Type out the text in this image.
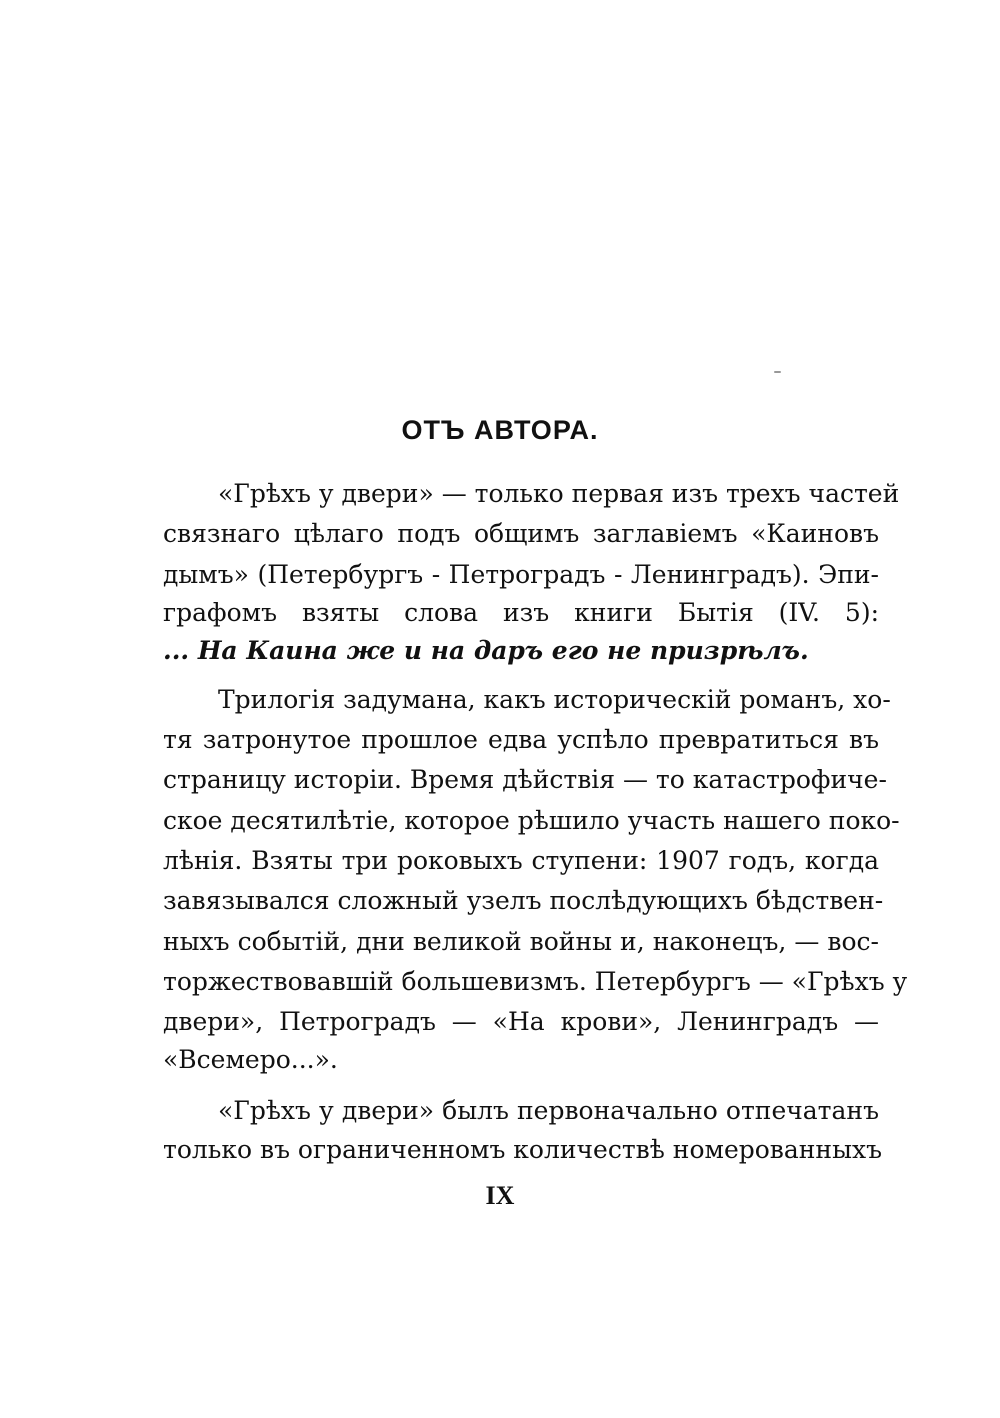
ОТЪ АВТОРА.
«Грѣхъ у двери» — только первая изъ трехъ частей
связнаго цѣлаго подъ общимъ заглавіемъ «Каиновъ
дымъ» (Петербургъ - Петроградъ - Ленинградъ). Эпи-
графомъ взяты слова изъ книги Бытія (IV. 5):
... На Каина же и на даръ его не призрѣлъ.
Трилогія задумана, какъ историческій романъ, хо-
тя затронутое прошлое едва успѣло превратиться въ
страницу исторіи. Время дѣйствія — то катастрофиче-
ское десятилѣтіе, которое рѣшило участь нашего поко-
лѣнія. Взяты три роковыхъ ступени: 1907 годъ, когда
завязывался сложный узелъ послѣдующихъ бѣдствен-
ныхъ событій, дни великой войны и, наконецъ, — вос-
торжествовавшій большевизмъ. Петербургъ — «Грѣхъ у
двери», Петроградъ — «На крови», Ленинградъ —
«Всемеро...».
«Грѣхъ у двери» былъ первоначально отпечатанъ
только въ ограниченномъ количествѣ номерованныхъ
IX
